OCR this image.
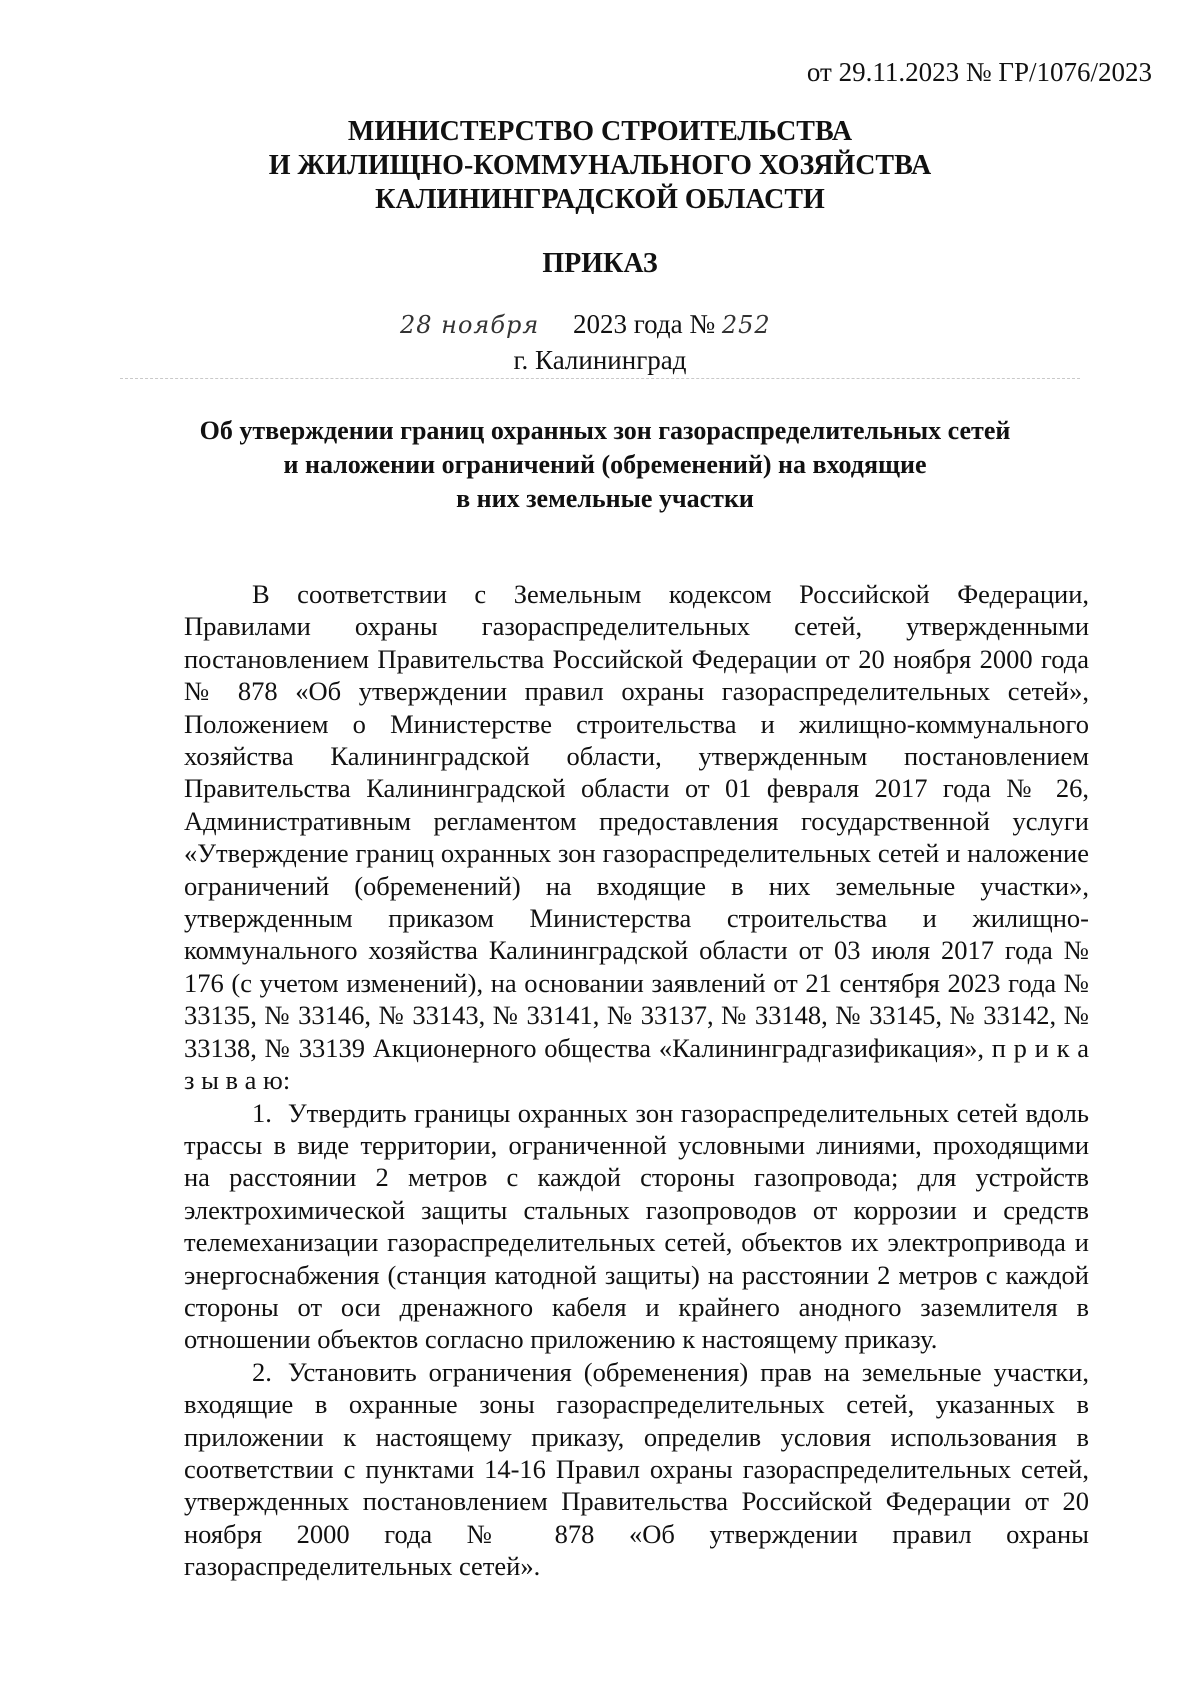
от 29.11.2023 № ГР/1076/2023
МИНИСТЕРСТВО СТРОИТЕЛЬСТВА
И ЖИЛИЩНО-КОММУНАЛЬНОГО ХОЗЯЙСТВА
КАЛИНИНГРАДСКОЙ ОБЛАСТИ
ПРИКАЗ
28 ноября 2023 года № 252
г. Калининград
Об утверждении границ охранных зон газораспределительных сетей
и наложении ограничений (обременений) на входящие
в них земельные участки

В соответствии с Земельным кодексом Российской Федерации, Правилами охраны газораспределительных сетей, утвержденными постановлением Правительства Российской Федерации от 20 ноября 2000 года № 878 «Об утверждении правил охраны газораспределительных сетей», Положением о Министерстве строительства и жилищно-коммунального хозяйства Калининградской области, утвержденным постановлением Правительства Калининградской области от 01 февраля 2017 года № 26, Административным регламентом предоставления государственной услуги «Утверждение границ охранных зон газораспределительных сетей и наложение ограничений (обременений) на входящие в них земельные участки», утвержденным приказом Министерства строительства и жилищно-коммунального хозяйства Калининградской области от 03 июля 2017 года № 176 (с учетом изменений), на основании заявлений от 21 сентября 2023 года № 33135, № 33146, № 33143, № 33141, № 33137, № 33148, № 33145, № 33142, № 33138, № 33139 Акционерного общества «Калининградгазификация», п р и к а з ы в а ю:

1. Утвердить границы охранных зон газораспределительных сетей вдоль трассы в виде территории, ограниченной условными линиями, проходящими на расстоянии 2 метров с каждой стороны газопровода; для устройств электрохимической защиты стальных газопроводов от коррозии и средств телемеханизации газораспределительных сетей, объектов их электропривода и энергоснабжения (станция катодной защиты) на расстоянии 2 метров с каждой стороны от оси дренажного кабеля и крайнего анодного заземлителя в отношении объектов согласно приложению к настоящему приказу.

2. Установить ограничения (обременения) прав на земельные участки, входящие в охранные зоны газораспределительных сетей, указанных в приложении к настоящему приказу, определив условия использования в соответствии с пунктами 14-16 Правил охраны газораспределительных сетей, утвержденных постановлением Правительства Российской Федерации от 20 ноября 2000 года № 878 «Об утверждении правил охраны газораспределительных сетей».
